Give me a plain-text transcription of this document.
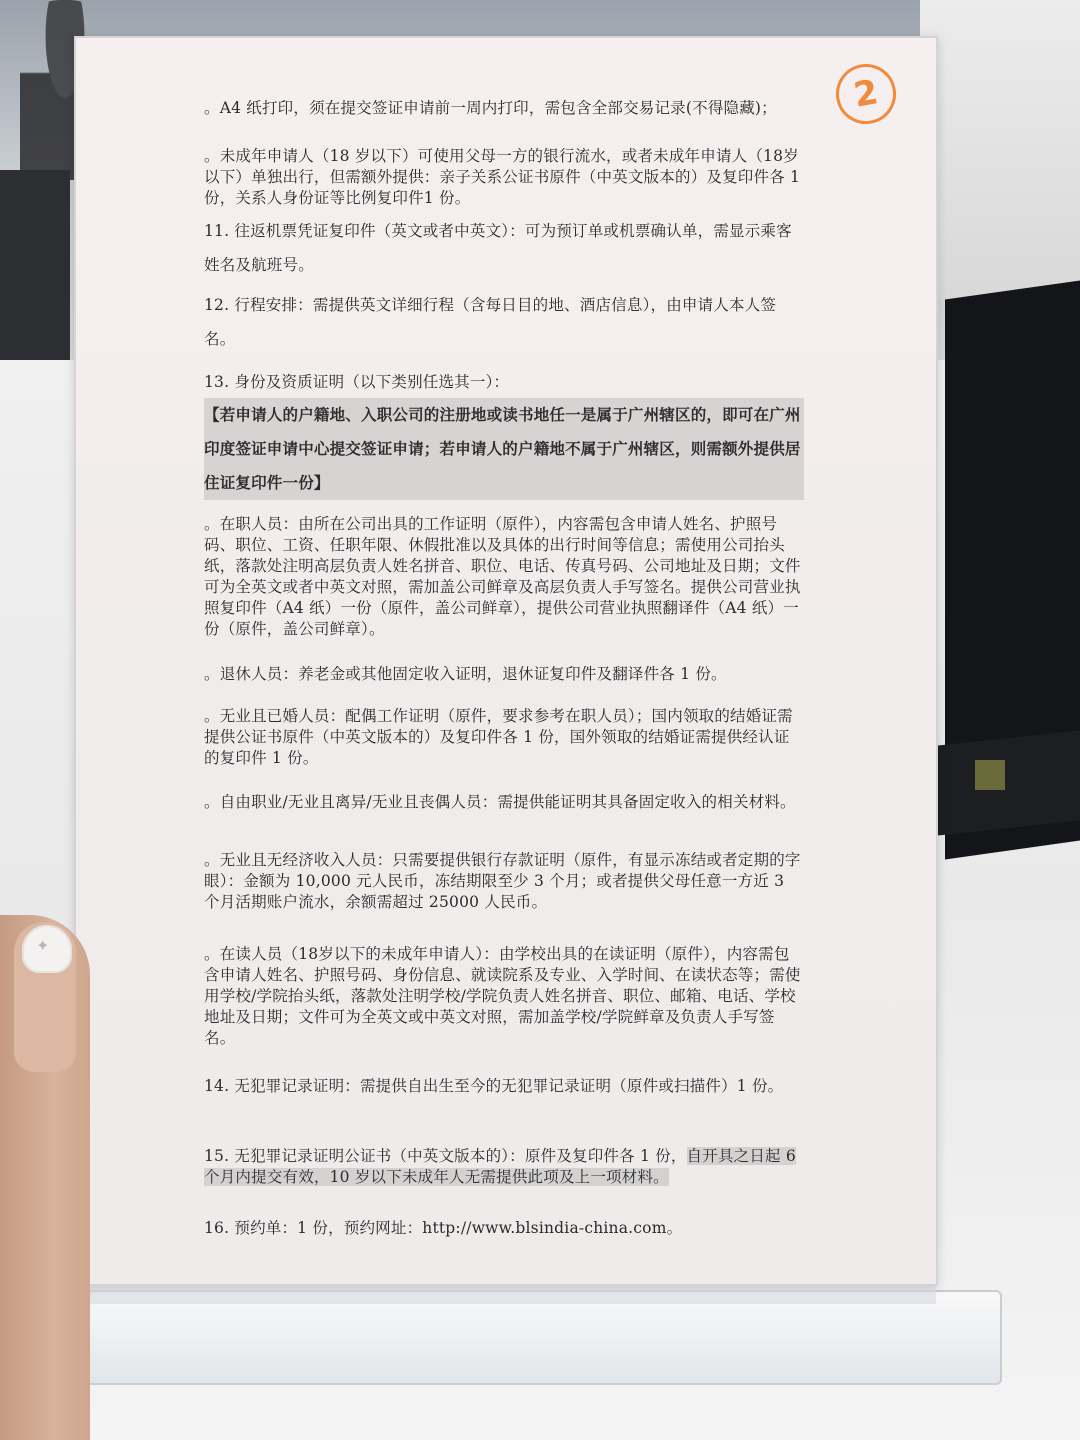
2

。A4 纸打印，须在提交签证申请前一周内打印，需包含全部交易记录(不得隐藏)；

。未成年申请人（18 岁以下）可使用父母一方的银行流水，或者未成年申请人（18岁以下）单独出行，但需额外提供：亲子关系公证书原件（中英文版本的）及复印件各 1 份，关系人身份证等比例复印件1 份。

11. 往返机票凭证复印件（英文或者中英文）：可为预订单或机票确认单，需显示乘客姓名及航班号。

12. 行程安排：需提供英文详细行程（含每日目的地、酒店信息），由申请人本人签名。

13. 身份及资质证明（以下类别任选其一）：

【若申请人的户籍地、入职公司的注册地或读书地任一是属于广州辖区的，即可在广州印度签证申请中心提交签证申请；若申请人的户籍地不属于广州辖区，则需额外提供居住证复印件一份】

。在职人员：由所在公司出具的工作证明（原件），内容需包含申请人姓名、护照号码、职位、工资、任职年限、休假批准以及具体的出行时间等信息；需使用公司抬头纸，落款处注明高层负责人姓名拼音、职位、电话、传真号码、公司地址及日期；文件可为全英文或者中英文对照，需加盖公司鲜章及高层负责人手写签名。提供公司营业执照复印件（A4 纸）一份（原件，盖公司鲜章），提供公司营业执照翻译件（A4 纸）一份（原件，盖公司鲜章）。

。退休人员：养老金或其他固定收入证明，退休证复印件及翻译件各 1 份。

。无业且已婚人员：配偶工作证明（原件，要求参考在职人员）；国内领取的结婚证需提供公证书原件（中英文版本的）及复印件各 1 份，国外领取的结婚证需提供经认证的复印件 1 份。

。自由职业/无业且离异/无业且丧偶人员：需提供能证明其具备固定收入的相关材料。

。无业且无经济收入人员：只需要提供银行存款证明（原件，有显示冻结或者定期的字眼）：金额为 10,000 元人民币，冻结期限至少 3 个月；或者提供父母任意一方近 3 个月活期账户流水，余额需超过 25000 人民币。

。在读人员（18岁以下的未成年申请人）：由学校出具的在读证明（原件），内容需包含申请人姓名、护照号码、身份信息、就读院系及专业、入学时间、在读状态等；需使用学校/学院抬头纸，落款处注明学校/学院负责人姓名拼音、职位、邮箱、电话、学校地址及日期；文件可为全英文或中英文对照，需加盖学校/学院鲜章及负责人手写签名。

14. 无犯罪记录证明：需提供自出生至今的无犯罪记录证明（原件或扫描件）1 份。

15. 无犯罪记录证明公证书（中英文版本的）：原件及复印件各 1 份，自开具之日起 6 个月内提交有效，10 岁以下未成年人无需提供此项及上一项材料。

16. 预约单：1 份，预约网址：http://www.blsindia-china.com。

✦
